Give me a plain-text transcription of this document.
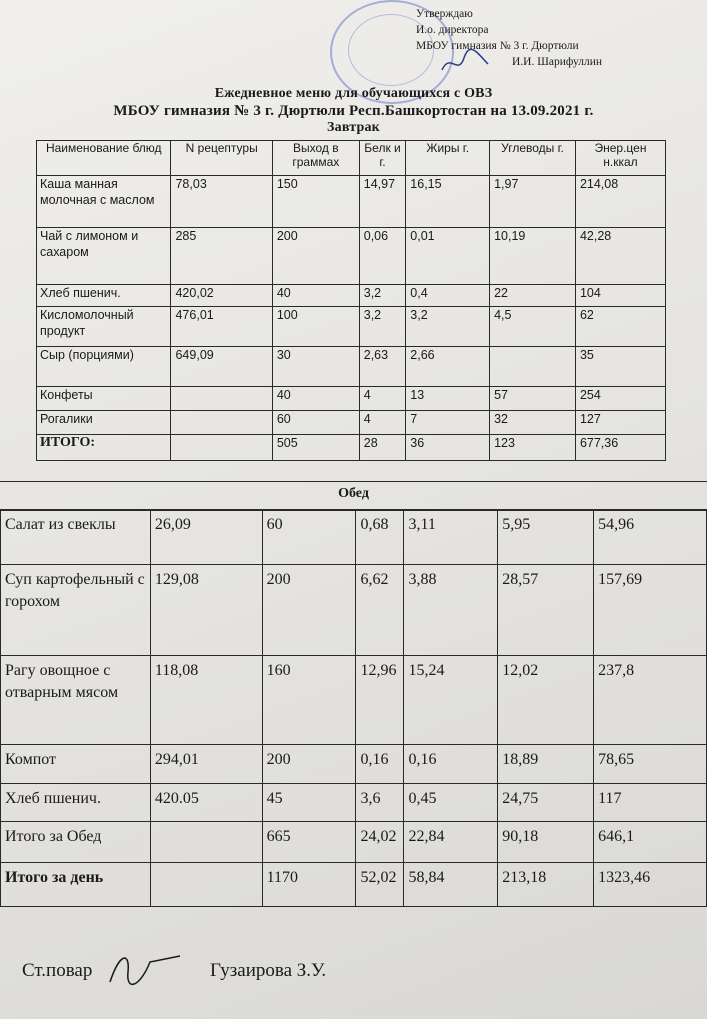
Утверждаю
И.о. директора
МБОУ гимназия № 3 г. Дюртюли
И.И. Шарифуллин
Ежедневное меню для обучающихся с ОВЗ
МБОУ гимназия № 3 г. Дюртюли Респ.Башкортостан на 13.09.2021 г.
Завтрак
Наименование блюд	N рецептуры	Выход в граммах	Белк и г.	Жиры г.	Углеводы г.	Энер.цен н.ккал
Каша манная молочная с маслом	78,03	150	14,97	16,15	1,97	214,08
Чай с лимоном и сахаром	285	200	0,06	0,01	10,19	42,28
Хлеб пшенич.	420,02	40	3,2	0,4	22	104
Кисломолочный продукт	476,01	100	3,2	3,2	4,5	62
Сыр (порциями)	649,09	30	2,63	2,66		35
Конфеты		40	4	13	57	254
Рогалики		60	4	7	32	127
ИТОГО:		505	28	36	123	677,36
Обед
Салат из свеклы	26,09	60	0,68	3,11	5,95	54,96
Суп картофельный с горохом	129,08	200	6,62	3,88	28,57	157,69
Рагу овощное с отварным мясом	118,08	160	12,96	15,24	12,02	237,8
Компот	294,01	200	0,16	0,16	18,89	78,65
Хлеб пшенич.	420.05	45	3,6	0,45	24,75	117
Итого за Обед		665	24,02	22,84	90,18	646,1
Итого за день		1170	52,02	58,84	213,18	1323,46
Ст.повар	Гузаирова З.У.
